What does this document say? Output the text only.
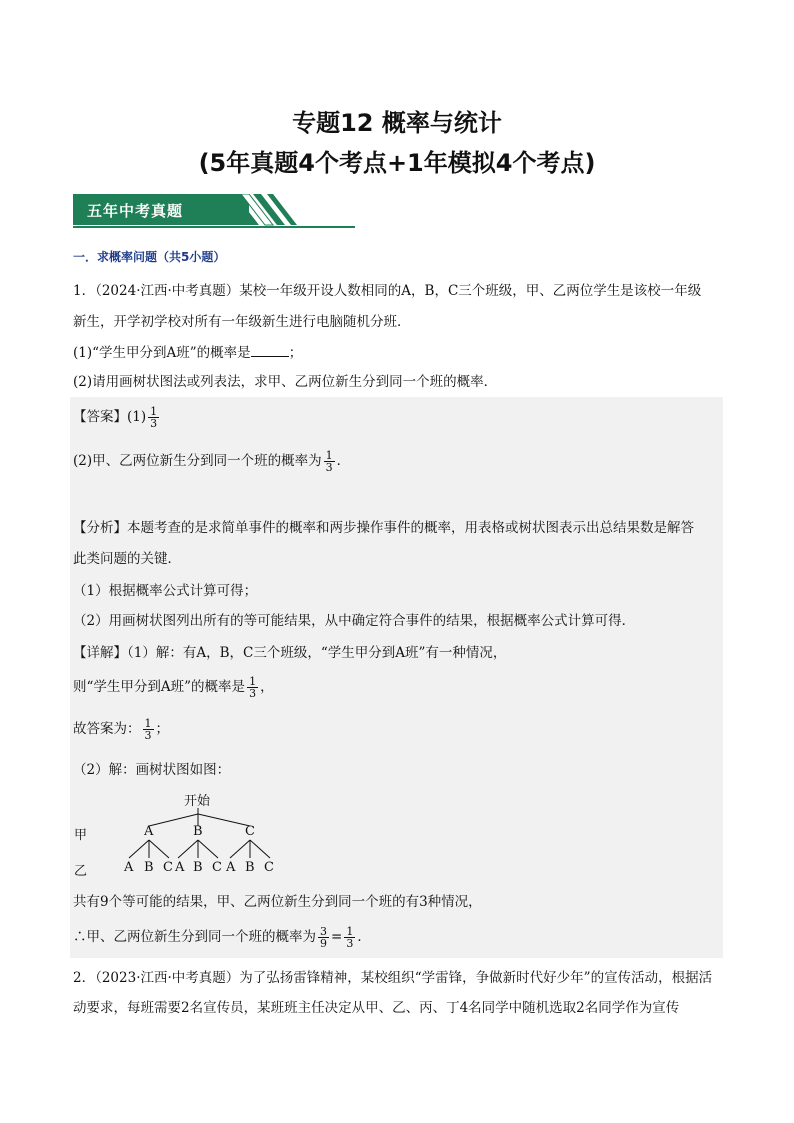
专题12 概率与统计
(5年真题4个考点+1年模拟4个考点)
五年中考真题
一．求概率问题（共5小题）
1．（2024·江西·中考真题）某校一年级开设人数相同的A，B，C三个班级，甲、乙两位学生是该校一年级
新生，开学初学校对所有一年级新生进行电脑随机分班．
(1)“学生甲分到A班”的概率是	；
(2)请用画树状图法或列表法，求甲、乙两位新生分到同一个班的概率．
【答案】$(1) \frac{1}{3}$
(2)甲、乙两位新生分到同一个班的概率为 $\frac{1}{3}$ ．
【分析】本题考查的是求简单事件的概率和两步操作事件的概率，用表格或树状图表示出总结果数是解答
此类问题的关键．
（1）根据概率公式计算可得；
（2）用画树状图列出所有的等可能结果，从中确定符合事件的结果，根据概率公式计算可得．
【详解】（1）解：有A，B，C三个班级，“学生甲分到A班”有一种情况，
则“学生甲分到A班”的概率是 $\frac{1}{3}$ ，
故答案为： $\frac{1}{3}$ ；
（2）解：画树状图如图：
开始
甲
乙
A	B	C
A B C A B C A B C
共有9个等可能的结果，甲、乙两位新生分到同一个班的有3种情况，
∴甲、乙两位新生分到同一个班的概率为 $\frac{3}{9} = \frac{1}{3}$ ．
2．（2023·江西·中考真题）为了弘扬雷锋精神，某校组织“学雷锋，争做新时代好少年”的宣传活动，根据活
动要求，每班需要2名宣传员，某班班主任决定从甲、乙、丙、丁4名同学中随机选取2名同学作为宣传
